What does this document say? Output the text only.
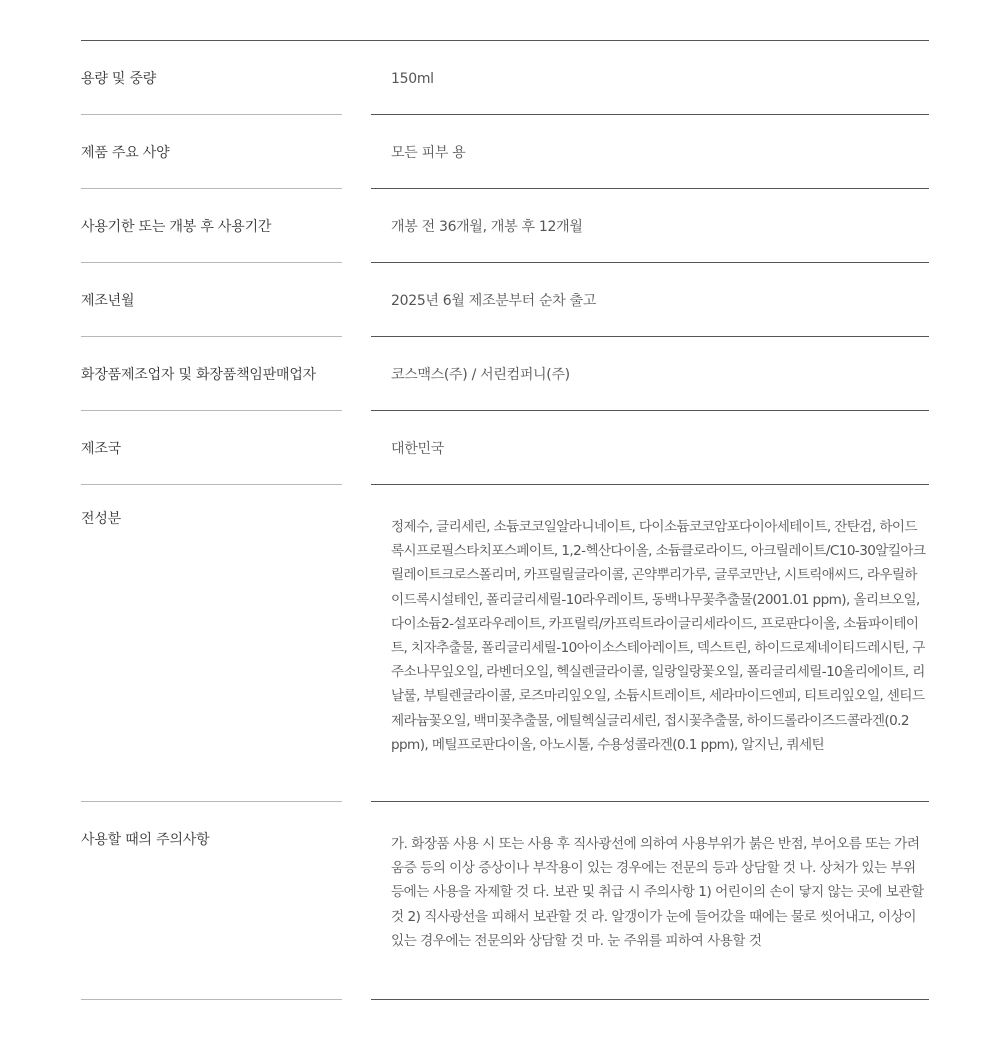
용량 및 중량	150ml
제품 주요 사양	모든 피부 용
사용기한 또는 개봉 후 사용기간	개봉 전 36개월, 개봉 후 12개월
제조년월	2025년 6월 제조분부터 순차 출고
화장품제조업자 및 화장품책임판매업자	코스맥스(주) / 서린컴퍼니(주)
제조국	대한민국
전성분	정제수, 글리세린, 소듐코코일알라니네이트, 다이소듐코코암포다이아세테이트, 잔탄검, 하이드록시프로필스타치포스페이트, 1,2-헥산다이올, 소듐클로라이드, 아크릴레이트/C10-30알킬아크릴레이트크로스폴리머, 카프릴릴글라이콜, 곤약뿌리가루, 글루코만난, 시트릭애씨드, 라우릴하이드록시설테인, 폴리글리세릴-10라우레이트, 동백나무꽃추출물(2001.01 ppm), 올리브오일, 다이소듐2-설포라우레이트, 카프릴릭/카프릭트라이글리세라이드, 프로판다이올, 소듐파이테이트, 치자추출물, 폴리글리세릴-10아이소스테아레이트, 덱스트린, 하이드로제네이티드레시틴, 구주소나무잎오일, 라벤더오일, 헥실렌글라이콜, 일랑일랑꽃오일, 폴리글리세릴-10올리에이트, 리날룰, 부틸렌글라이콜, 로즈마리잎오일, 소듐시트레이트, 세라마이드엔피, 티트리잎오일, 센티드제라늄꽃오일, 백미꽃추출물, 에틸헥실글리세린, 접시꽃추출물, 하이드롤라이즈드콜라겐(0.2 ppm), 메틸프로판다이올, 아노시톨, 수용성콜라겐(0.1 ppm), 알지닌, 쿼세틴
사용할 때의 주의사항	가. 화장품 사용 시 또는 사용 후 직사광선에 의하여 사용부위가 붉은 반점, 부어오름 또는 가려움증 등의 이상 증상이나 부작용이 있는 경우에는 전문의 등과 상담할 것 나. 상처가 있는 부위 등에는 사용을 자제할 것 다. 보관 및 취급 시 주의사항 1) 어린이의 손이 닿지 않는 곳에 보관할 것 2) 직사광선을 피해서 보관할 것 라. 알갱이가 눈에 들어갔을 때에는 물로 씻어내고, 이상이 있는 경우에는 전문의와 상담할 것 마. 눈 주위를 피하여 사용할 것
